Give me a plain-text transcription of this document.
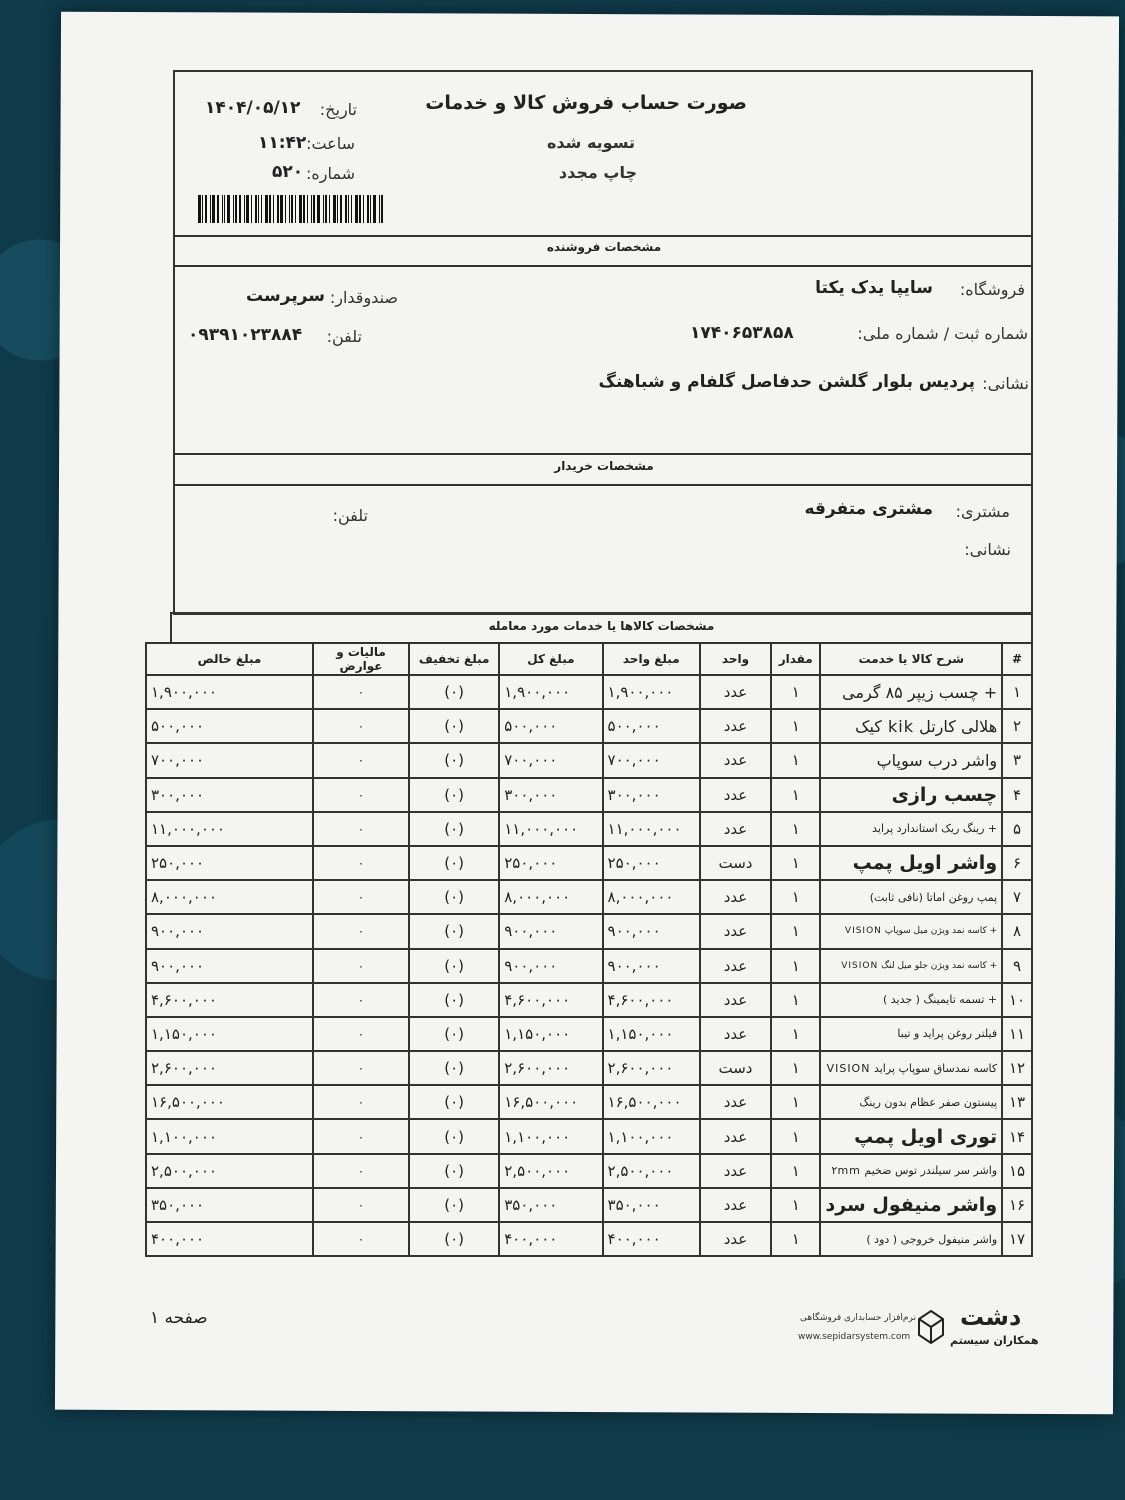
صورت حساب فروش کالا و خدمات
تسویه شده
چاپ مجدد
تاریخ:
۱۴۰۴/۰۵/۱۲
ساعت:
۱۱:۴۲
شماره:
۵۲۰
مشخصات فروشنده
فروشگاه:
سایپا یدک یکتا
صندوقدار:
سرپرست
شماره ثبت / شماره ملی:
۱۷۴۰۶۵۳۸۵۸
تلفن:
۰۹۳۹۱۰۲۳۸۸۴
نشانی:
پردیس بلوار گلشن حدفاصل گلفام و شباهنگ
مشخصات خریدار
مشتری:
مشتری متفرقه
تلفن:
نشانی:
مشخصات کالاها یا خدمات مورد معامله
#	شرح کالا یا خدمت	مقدار	واحد	مبلغ واحد	مبلغ کل	مبلغ تخفیف	مالیات و عوارض	مبلغ خالص
۱	+ چسب زیپر ۸۵ گرمی	۱	عدد	۱,۹۰۰,۰۰۰	۱,۹۰۰,۰۰۰	(۰)	۰	۱,۹۰۰,۰۰۰
۲	هلالی کارتل kik کیک	۱	عدد	۵۰۰,۰۰۰	۵۰۰,۰۰۰	(۰)	۰	۵۰۰,۰۰۰
۳	واشر درب سوپاپ	۱	عدد	۷۰۰,۰۰۰	۷۰۰,۰۰۰	(۰)	۰	۷۰۰,۰۰۰
۴	چسب رازی	۱	عدد	۳۰۰,۰۰۰	۳۰۰,۰۰۰	(۰)	۰	۳۰۰,۰۰۰
۵	+ رینگ ریک استاندارد پراید	۱	عدد	۱۱,۰۰۰,۰۰۰	۱۱,۰۰۰,۰۰۰	(۰)	۰	۱۱,۰۰۰,۰۰۰
۶	واشر اویل پمپ	۱	دست	۲۵۰,۰۰۰	۲۵۰,۰۰۰	(۰)	۰	۲۵۰,۰۰۰
۷	پمپ روغن اماتا (نافی ثابت)	۱	عدد	۸,۰۰۰,۰۰۰	۸,۰۰۰,۰۰۰	(۰)	۰	۸,۰۰۰,۰۰۰
۸	+ کاسه نمد ویژن میل سوپاپ VISION	۱	عدد	۹۰۰,۰۰۰	۹۰۰,۰۰۰	(۰)	۰	۹۰۰,۰۰۰
۹	+ کاسه نمد ویژن جلو میل لنگ VISION	۱	عدد	۹۰۰,۰۰۰	۹۰۰,۰۰۰	(۰)	۰	۹۰۰,۰۰۰
۱۰	+ تسمه تایمینگ ( جدید )	۱	عدد	۴,۶۰۰,۰۰۰	۴,۶۰۰,۰۰۰	(۰)	۰	۴,۶۰۰,۰۰۰
۱۱	فیلتر روغن پراید و تیبا	۱	عدد	۱,۱۵۰,۰۰۰	۱,۱۵۰,۰۰۰	(۰)	۰	۱,۱۵۰,۰۰۰
۱۲	کاسه نمدساق سوپاپ پراید VISION	۱	دست	۲,۶۰۰,۰۰۰	۲,۶۰۰,۰۰۰	(۰)	۰	۲,۶۰۰,۰۰۰
۱۳	پیستون صفر عظام بدون رینگ	۱	عدد	۱۶,۵۰۰,۰۰۰	۱۶,۵۰۰,۰۰۰	(۰)	۰	۱۶,۵۰۰,۰۰۰
۱۴	توری اویل پمپ	۱	عدد	۱,۱۰۰,۰۰۰	۱,۱۰۰,۰۰۰	(۰)	۰	۱,۱۰۰,۰۰۰
۱۵	واشر سر سیلندر توس ضخیم ۲mm	۱	عدد	۲,۵۰۰,۰۰۰	۲,۵۰۰,۰۰۰	(۰)	۰	۲,۵۰۰,۰۰۰
۱۶	واشر منیفول سرد	۱	عدد	۳۵۰,۰۰۰	۳۵۰,۰۰۰	(۰)	۰	۳۵۰,۰۰۰
۱۷	واشر منیفول خروجی ( دود )	۱	عدد	۴۰۰,۰۰۰	۴۰۰,۰۰۰	(۰)	۰	۴۰۰,۰۰۰
صفحه ۱	دشت
همکاران سیستم
نرم‌افزار حسابداری فروشگاهی
www.sepidarsystem.com
